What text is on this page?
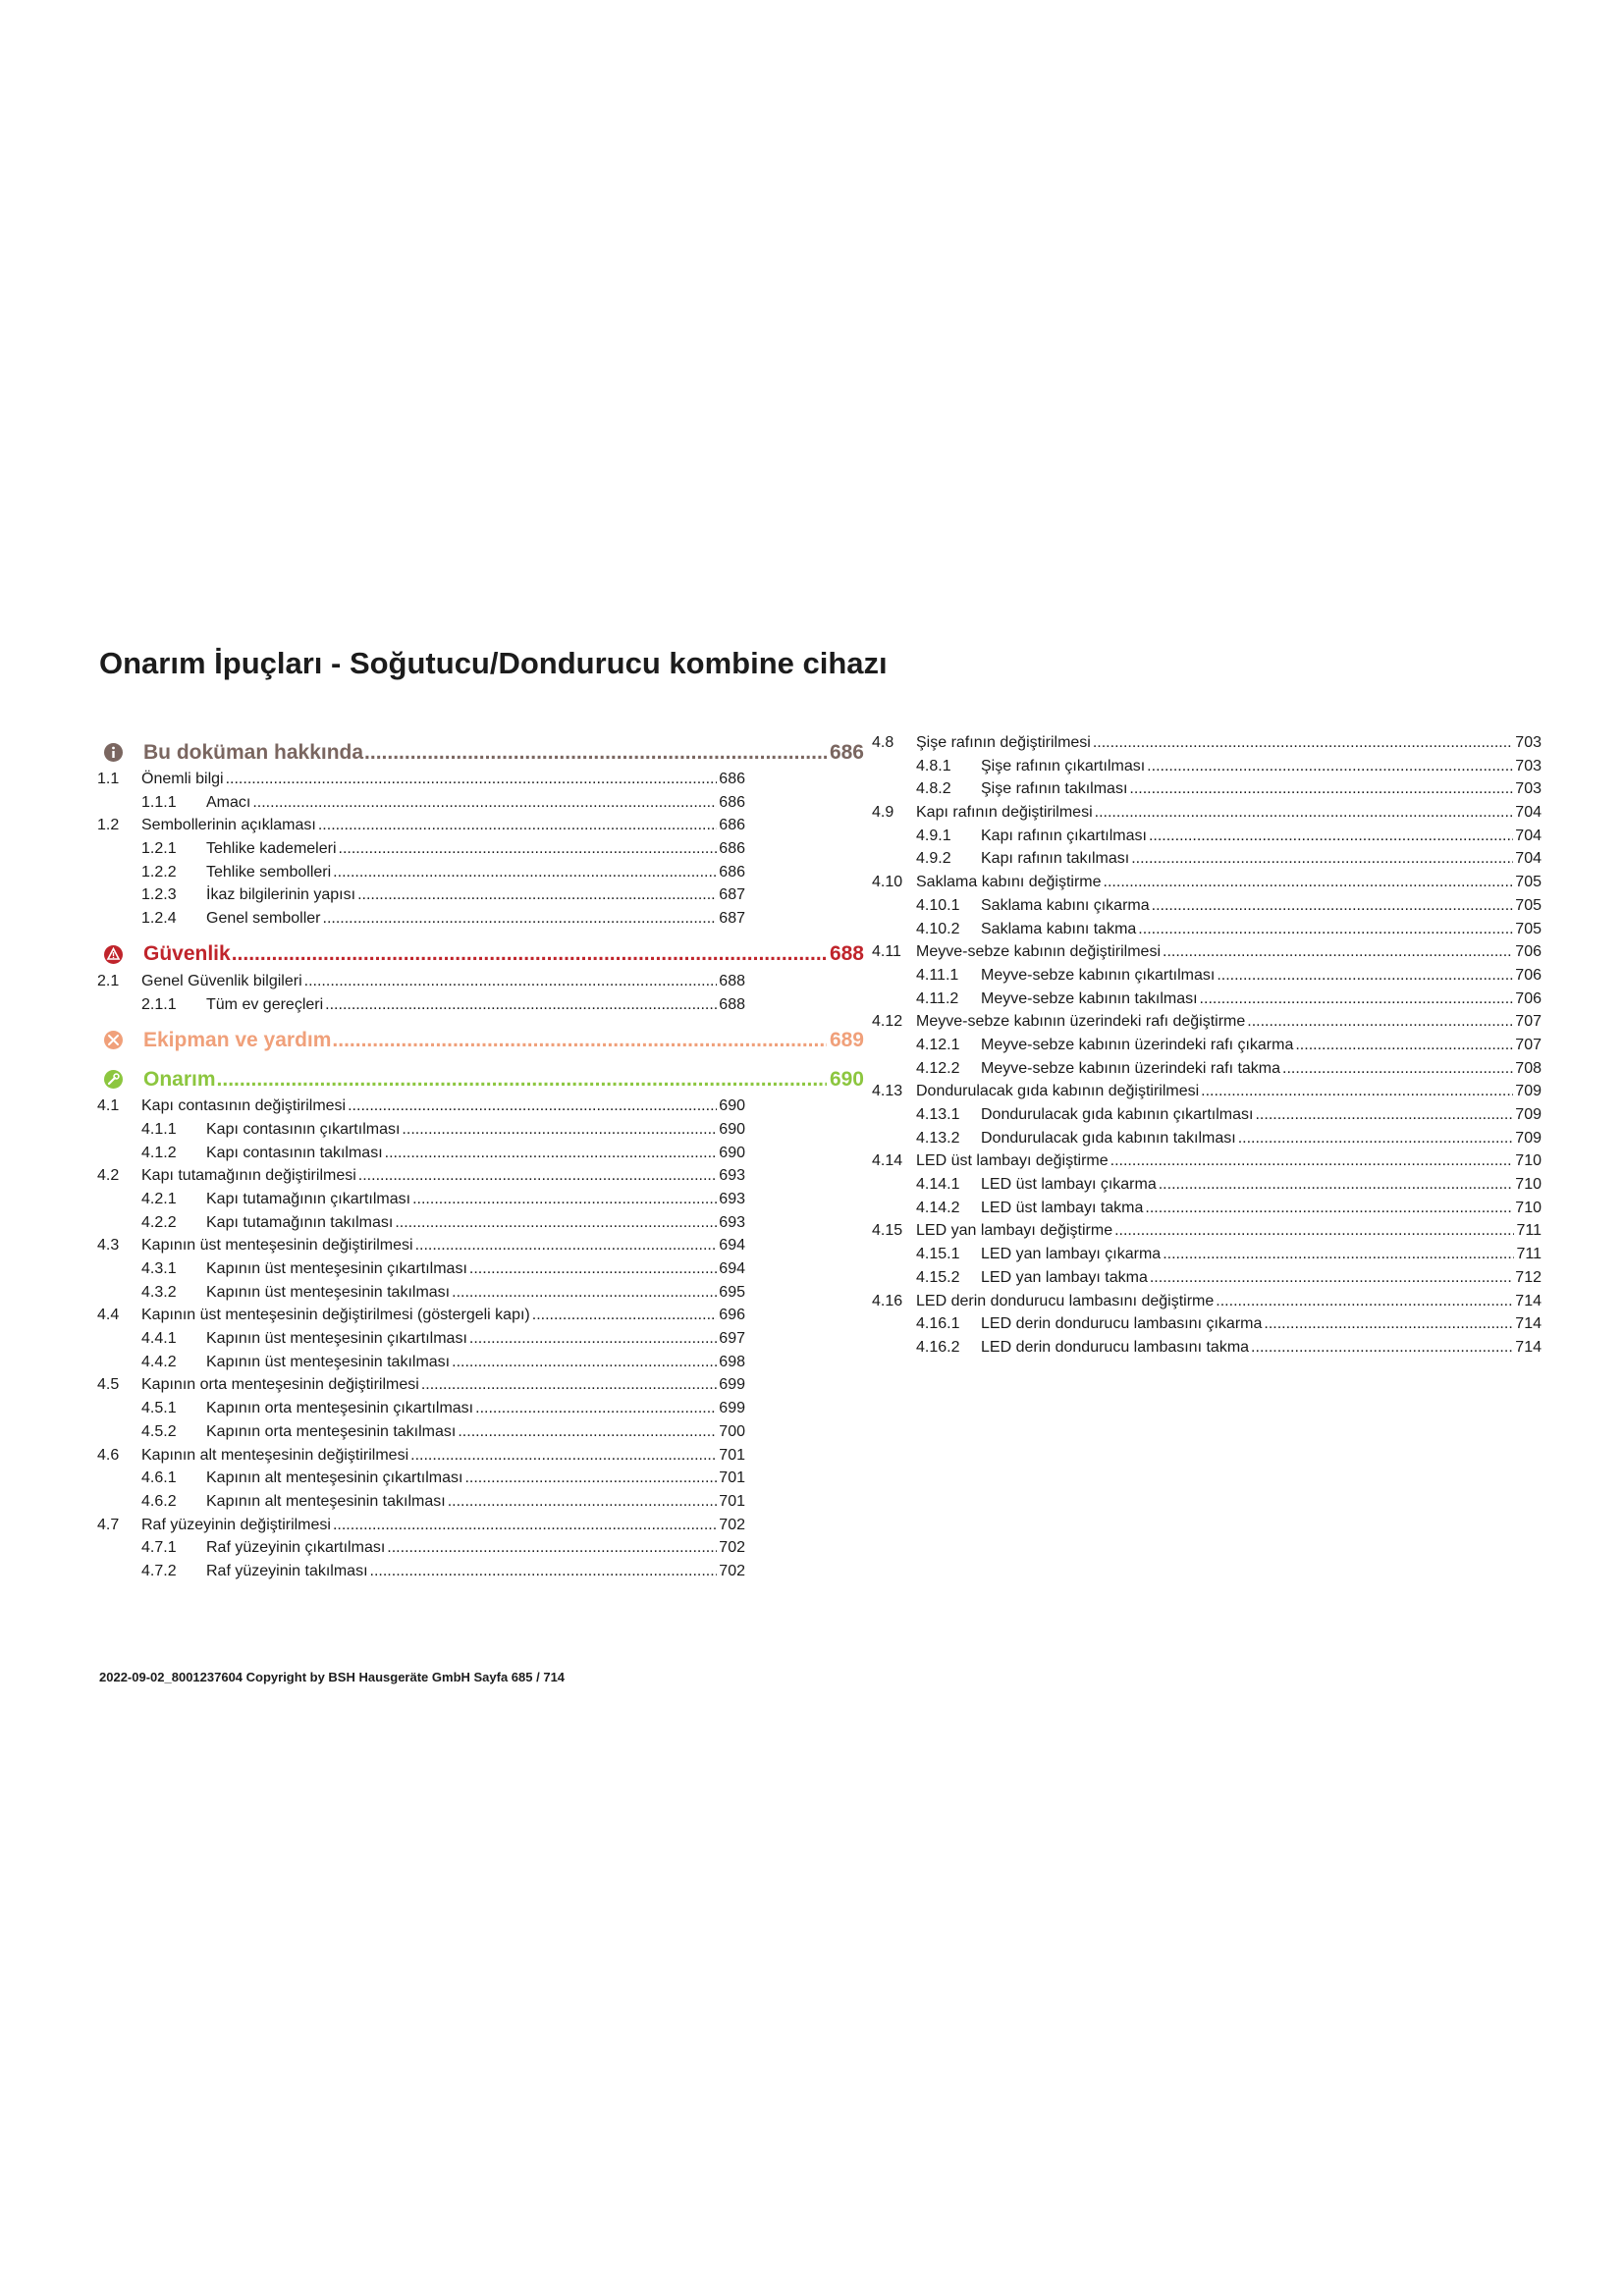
Onarım İpuçları - Soğutucu/Dondurucu kombine cihazı
Bu doküman hakkında .....	686
1.1	Önemli bilgi .....	686
1.1.1	Amacı .....	686
1.2	Sembollerinin açıklaması .....	686
1.2.1	Tehlike kademeleri .....	686
1.2.2	Tehlike sembolleri .....	686
1.2.3	İkaz bilgilerinin yapısı .....	687
1.2.4	Genel semboller .....	687
Güvenlik .....	688
2.1	Genel Güvenlik bilgileri .....	688
2.1.1	Tüm ev gereçleri .....	688
Ekipman ve yardım .....	689
Onarım .....	690
4.1	Kapı contasının değiştirilmesi .....	690
4.1.1	Kapı contasının çıkartılması .....	690
4.1.2	Kapı contasının takılması .....	690
4.2	Kapı tutamağının değiştirilmesi .....	693
4.2.1	Kapı tutamağının çıkartılması .....	693
4.2.2	Kapı tutamağının takılması .....	693
4.3	Kapının üst menteşesinin değiştirilmesi .....	694
4.3.1	Kapının üst menteşesinin çıkartılması .....	694
4.3.2	Kapının üst menteşesinin takılması .....	695
4.4	Kapının üst menteşesinin değiştirilmesi (göstergeli kapı) .....	696
4.4.1	Kapının üst menteşesinin çıkartılması .....	697
4.4.2	Kapının üst menteşesinin takılması .....	698
4.5	Kapının orta menteşesinin değiştirilmesi .....	699
4.5.1	Kapının orta menteşesinin çıkartılması .....	699
4.5.2	Kapının orta menteşesinin takılması .....	700
4.6	Kapının alt menteşesinin değiştirilmesi .....	701
4.6.1	Kapının alt menteşesinin çıkartılması .....	701
4.6.2	Kapının alt menteşesinin takılması .....	701
4.7	Raf yüzeyinin değiştirilmesi .....	702
4.7.1	Raf yüzeyinin çıkartılması .....	702
4.7.2	Raf yüzeyinin takılması .....	702
4.8	Şişe rafının değiştirilmesi .....	703
4.8.1	Şişe rafının çıkartılması .....	703
4.8.2	Şişe rafının takılması .....	703
4.9	Kapı rafının değiştirilmesi .....	704
4.9.1	Kapı rafının çıkartılması .....	704
4.9.2	Kapı rafının takılması .....	704
4.10 Saklama kabını değiştirme .....	705
4.10.1	Saklama kabını çıkarma .....	705
4.10.2	Saklama kabını takma .....	705
4.11 Meyve-sebze kabının değiştirilmesi .....	706
4.11.1	Meyve-sebze kabının çıkartılması .....	706
4.11.2	Meyve-sebze kabının takılması .....	706
4.12 Meyve-sebze kabının üzerindeki rafı değiştirme .....	707
4.12.1	Meyve-sebze kabının üzerindeki rafı çıkarma .....	707
4.12.2	Meyve-sebze kabının üzerindeki rafı takma .....	708
4.13 Dondurulacak gıda kabının değiştirilmesi .....	709
4.13.1	Dondurulacak gıda kabının çıkartılması .....	709
4.13.2	Dondurulacak gıda kabının takılması .....	709
4.14 LED üst lambayı değiştirme .....	710
4.14.1	LED üst lambayı çıkarma .....	710
4.14.2	LED üst lambayı takma .....	710
4.15 LED yan lambayı değiştirme .....	711
4.15.1	LED yan lambayı çıkarma .....	711
4.15.2	LED yan lambayı takma .....	712
4.16 LED derin dondurucu lambasını değiştirme .....	714
4.16.1	LED derin dondurucu lambasını çıkarma .....	714
4.16.2	LED derin dondurucu lambasını takma .....	714

2022-09-02_8001237604 Copyright by BSH Hausgeräte GmbH Sayfa 685 / 714
